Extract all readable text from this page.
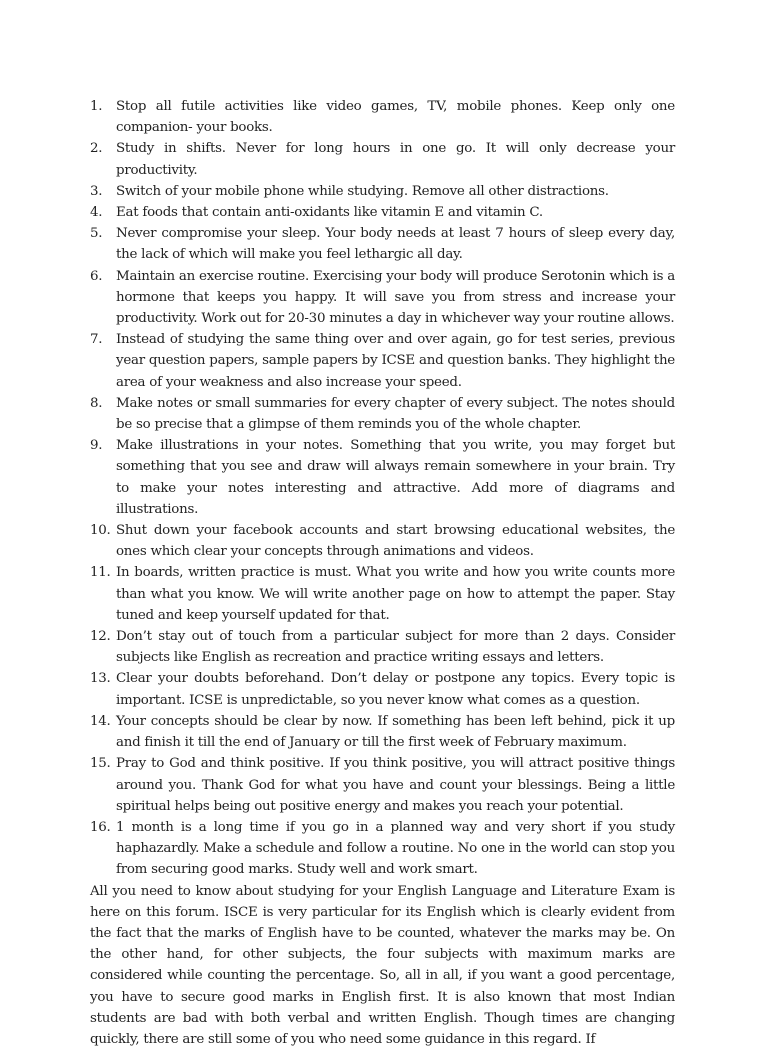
1.	Stop all futile activities like video games, TV, mobile phones. Keep only one companion- your books.
2.	Study in shifts. Never for long hours in one go. It will only decrease your productivity.
3.	Switch of your mobile phone while studying. Remove all other distractions.
4.	Eat foods that contain anti-oxidants like vitamin E and vitamin C.
5.	Never compromise your sleep. Your body needs at least 7 hours of sleep every day, the lack of which will make you feel lethargic all day.
6.	Maintain an exercise routine. Exercising your body will produce Serotonin which is a hormone that keeps you happy. It will save you from stress and increase your productivity. Work out for 20-30 minutes a day in whichever way your routine allows.
7.	Instead of studying the same thing over and over again, go for test series, previous year question papers, sample papers by ICSE and question banks. They highlight the area of your weakness and also increase your speed.
8.	Make notes or small summaries for every chapter of every subject. The notes should be so precise that a glimpse of them reminds you of the whole chapter.
9.	Make illustrations in your notes. Something that you write, you may forget but something that you see and draw will always remain somewhere in your brain. Try to make your notes interesting and attractive. Add more of diagrams and illustrations.
10. Shut down your facebook accounts and start browsing educational websites, the ones which clear your concepts through animations and videos.
11. In boards, written practice is must. What you write and how you write counts more than what you know. We will write another page on how to attempt the paper. Stay tuned and keep yourself updated for that.
12. Don’t stay out of touch from a particular subject for more than 2 days. Consider subjects like English as recreation and practice writing essays and letters.
13. Clear your doubts beforehand. Don’t delay or postpone any topics. Every topic is important. ICSE is unpredictable, so you never know what comes as a question.
14. Your concepts should be clear by now. If something has been left behind, pick it up and finish it till the end of January or till the first week of February maximum.
15. Pray to God and think positive. If you think positive, you will attract positive things around you. Thank God for what you have and count your blessings. Being a little spiritual helps being out positive energy and makes you reach your potential.
16. 1 month is a long time if you go in a planned way and very short if you study haphazardly. Make a schedule and follow a routine. No one in the world can stop you from securing good marks. Study well and work smart.

All you need to know about studying for your English Language and Literature Exam is here on this forum. ISCE is very particular for its English which is clearly evident from the fact that the marks of English have to be counted, whatever the marks may be. On the other hand, for other subjects, the four subjects with maximum marks are considered while counting the percentage. So, all in all, if you want a good percentage, you have to secure good marks in English first. It is also known that most Indian students are bad with both verbal and written English. Though times are changing quickly, there are still some of you who need some guidance in this regard. If
